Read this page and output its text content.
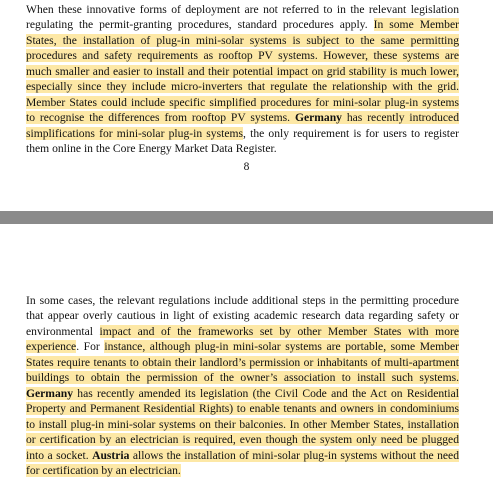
When these innovative forms of deployment are not referred to in the relevant legislation regulating the permit-granting procedures, standard procedures apply. In some Member States, the installation of plug-in mini-solar systems is subject to the same permitting procedures and safety requirements as rooftop PV systems. However, these systems are much smaller and easier to install and their potential impact on grid stability is much lower, especially since they include micro-inverters that regulate the relationship with the grid. Member States could include specific simplified procedures for mini-solar plug-in systems to recognise the differences from rooftop PV systems. Germany has recently introduced simplifications for mini-solar plug-in systems, the only requirement is for users to register them online in the Core Energy Market Data Register.

8

In some cases, the relevant regulations include additional steps in the permitting procedure that appear overly cautious in light of existing academic research data regarding safety or environmental impact and of the frameworks set by other Member States with more experience. For instance, although plug-in mini-solar systems are portable, some Member States require tenants to obtain their landlord’s permission or inhabitants of multi-apartment buildings to obtain the permission of the owner’s association to install such systems. Germany has recently amended its legislation (the Civil Code and the Act on Residential Property and Permanent Residential Rights) to enable tenants and owners in condominiums to install plug-in mini-solar systems on their balconies. In other Member States, installation or certification by an electrician is required, even though the system only need be plugged into a socket. Austria allows the installation of mini-solar plug-in systems without the need for certification by an electrician.
